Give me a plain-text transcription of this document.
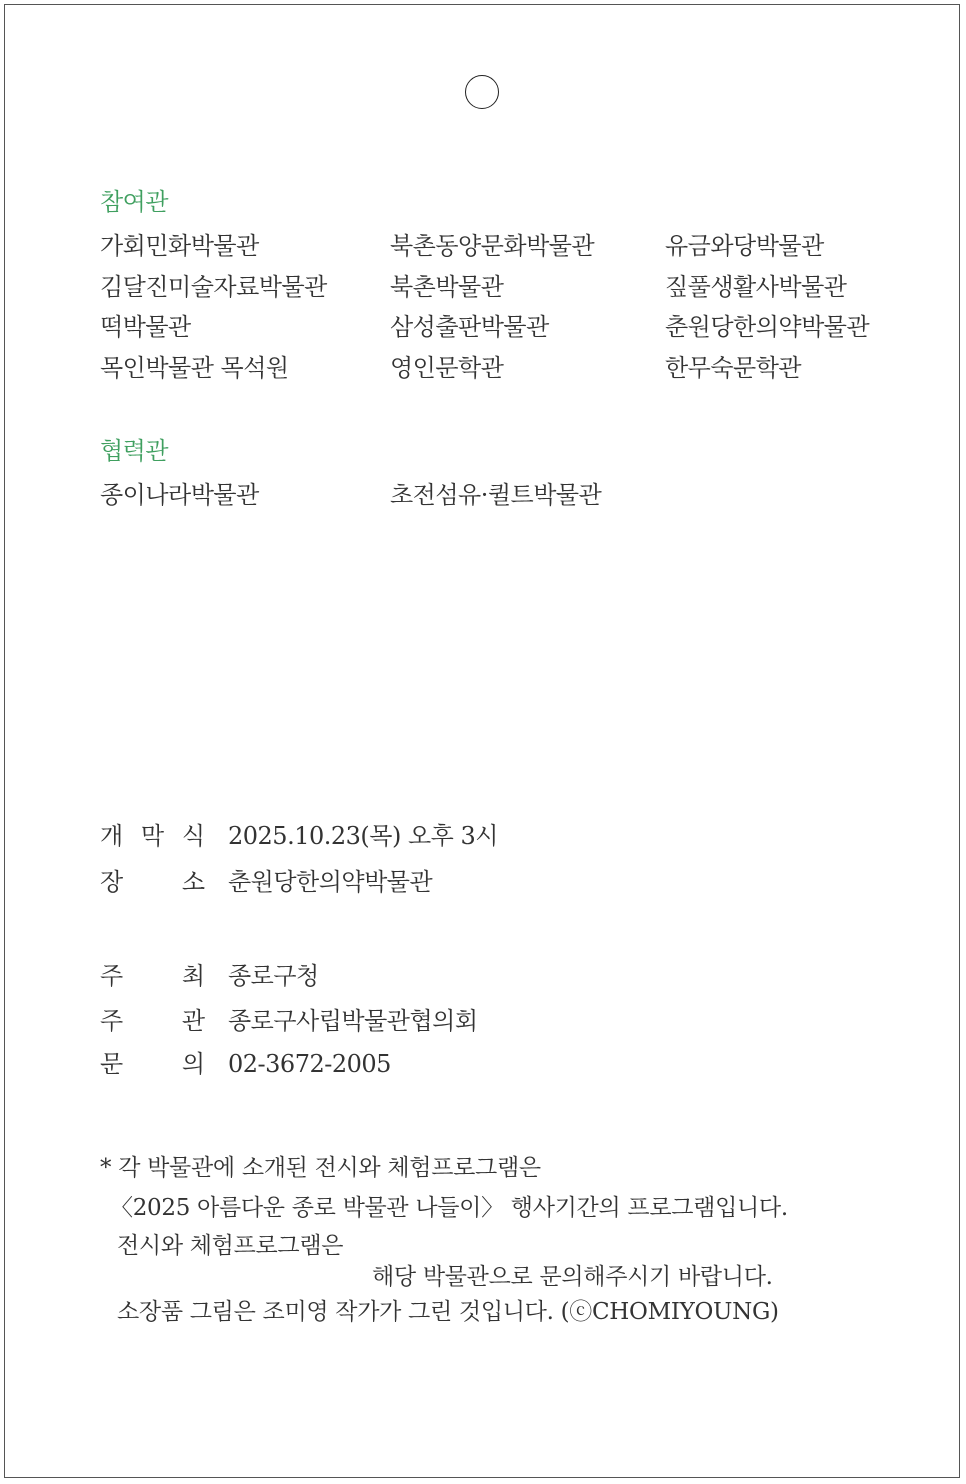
참여관
가회민화박물관
김달진미술자료박물관
떡박물관
목인박물관 목석원
북촌동양문화박물관
북촌박물관
삼성출판박물관
영인문학관
유금와당박물관
짚풀생활사박물관
춘원당한의약박물관
한무숙문학관
협력관
종이나라박물관	초전섬유·퀼트박물관
개 막 식 2025.10.23(목) 오후 3시
장 소 춘원당한의약박물관
주 최 종로구청
주 관 종로구사립박물관협의회
문 의 02-3672-2005
* 각 박물관에 소개된 전시와 체험프로그램은
〈2025 아름다운 종로 박물관 나들이〉 행사기간의 프로그램입니다.
전시와 체험프로그램은
해당 박물관으로 문의해주시기 바랍니다.
소장품 그림은 조미영 작가가 그린 것입니다. (ⓒCHOMIYOUNG)
